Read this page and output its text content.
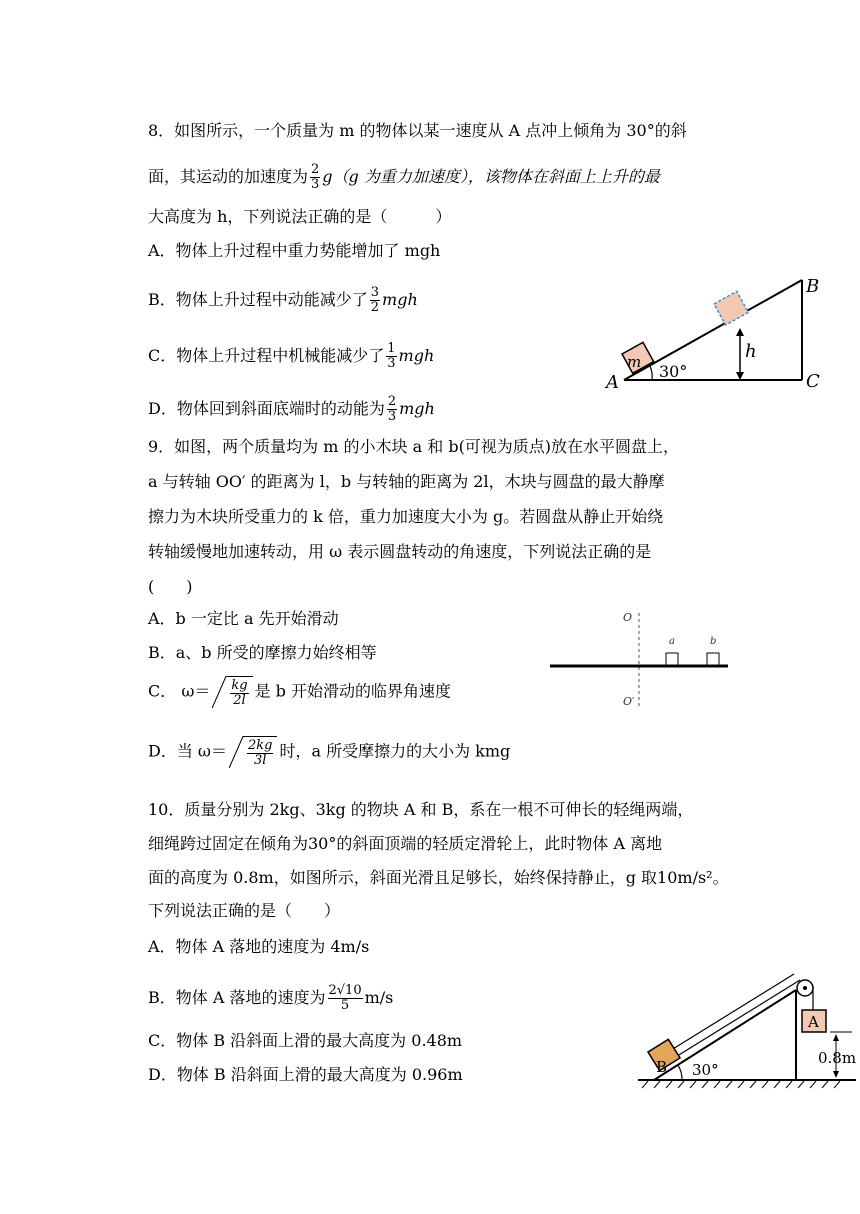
8．如图所示，一个质量为 m 的物体以某一速度从 A 点冲上倾角为 30°的斜
面，其运动的加速度为 $\frac{2}{3} g(g$ 为重力加速度），该物体在斜面上上升的最
大高度为 h，下列说法正确的是（　　　）
A．物体上升过程中重力势能增加了 mgh
B．物体上升过程中动能减少了 $\frac{3}{2}$ mgh
C．物体上升过程中机械能减少了 $\frac{1}{3}$ mgh
D．物体回到斜面底端时的动能为 $\frac{2}{3}$ mgh
m
A
B
C
h
30°
9．如图，两个质量均为 m 的小木块 a 和 b(可视为质点)放在水平圆盘上，
a 与转轴 OO′ 的距离为 l，b 与转轴的距离为 2l，木块与圆盘的最大静摩
擦力为木块所受重力的 k 倍，重力加速度大小为 g。若圆盘从静止开始绕
转轴缓慢地加速转动，用 ω 表示圆盘转动的角速度，下列说法正确的是
(　　)
A．b 一定比 a 先开始滑动
B．a、b 所受的摩擦力始终相等
C． $\omega= \frac{kg}{2l}$ 是 b 开始滑动的临界角速度
D．当 $\omega= \frac{2kg}{3l}$ 时，a 所受摩擦力的大小为 kmg
O
O′
a	b
10．质量分别为 2kg、3kg 的物块 A 和 B，系在一根不可伸长的轻绳两端，
细绳跨过固定在倾角为30°的斜面顶端的轻质定滑轮上，此时物体 A 离地
面的高度为 0.8m，如图所示，斜面光滑且足够长，始终保持静止，g 取10m/s²。
下列说法正确的是（　　）
A．物体 A 落地的速度为 4m/s
B．物体 A 落地的速度为 $\frac{2√10}{5} m/s$
C．物体 B 沿斜面上滑的最大高度为 0.48m
D．物体 B 沿斜面上滑的最大高度为 0.96m
A
B 30°
0.8m
